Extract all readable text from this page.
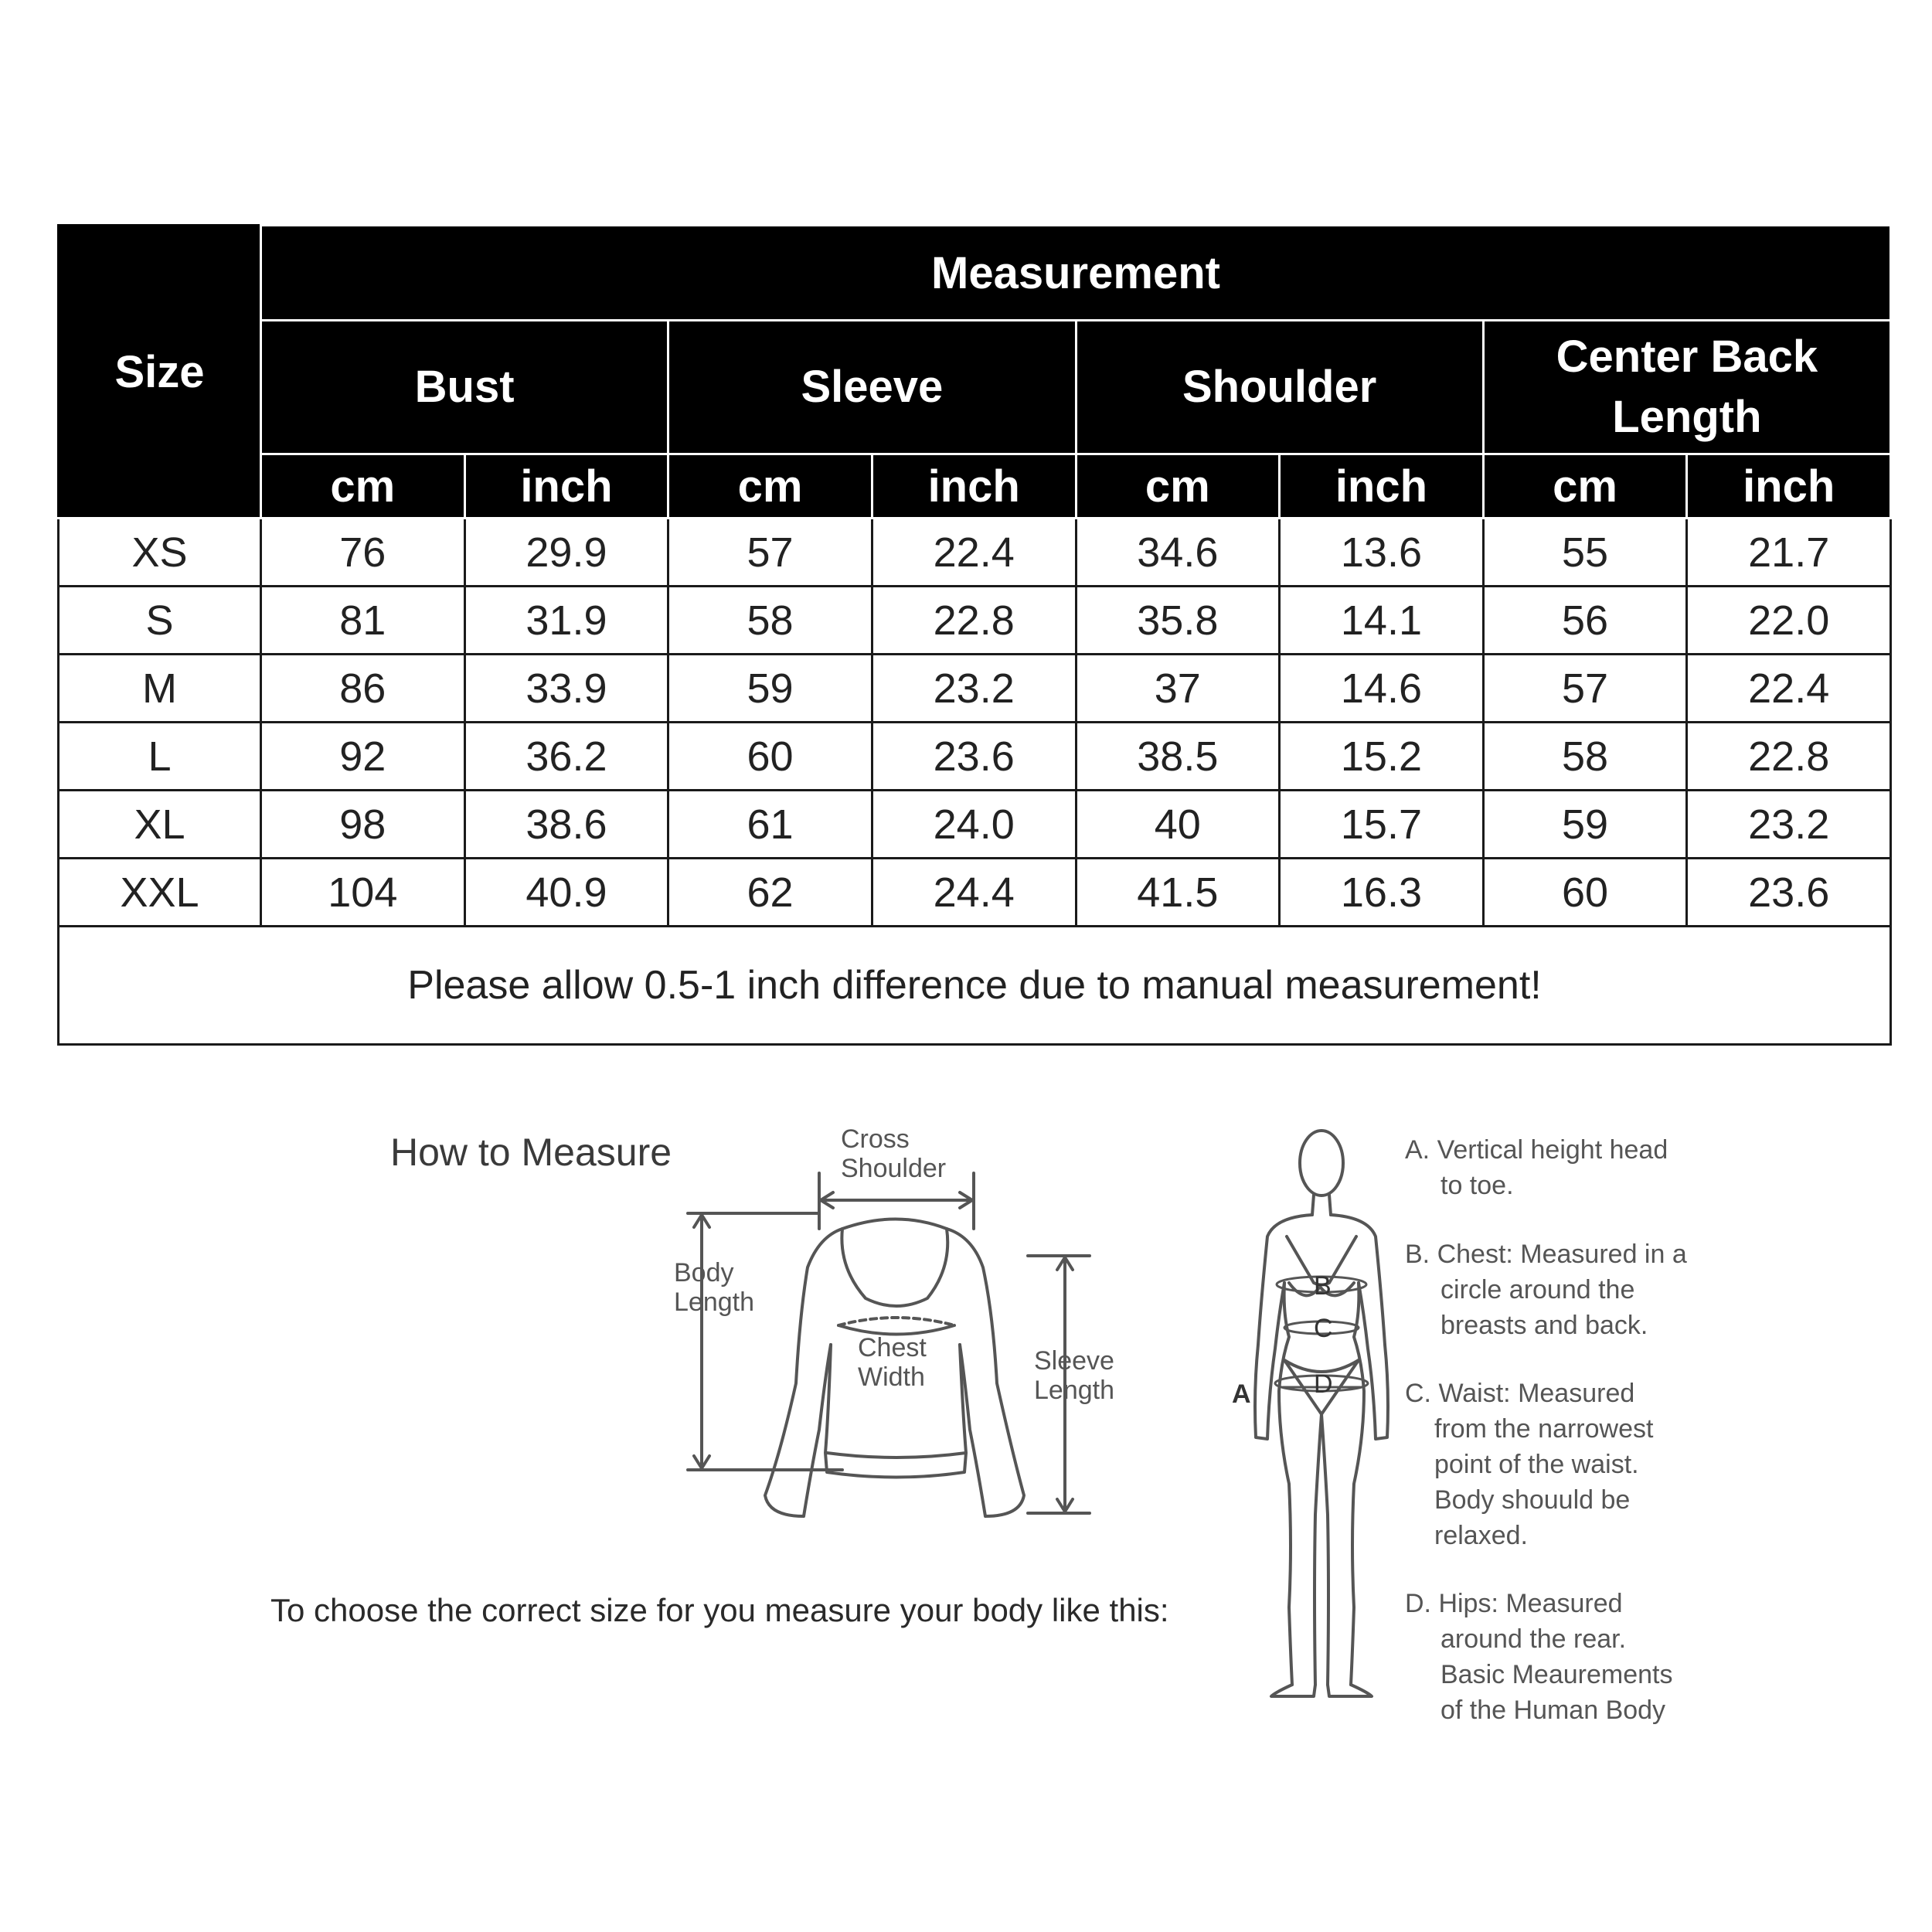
Size	Measurement							
	Bust		Sleeve		Shoulder		Center Back
Length	
	cm	inch	cm	inch	cm	inch	cm	inch
XS	76	29.9	57	22.4	34.6	13.6	55	21.7
S	81	31.9	58	22.8	35.8	14.1	56	22.0
M	86	33.9	59	23.2	37	14.6	57	22.4
L	92	36.2	60	23.6	38.5	15.2	58	22.8
XL	98	38.6	61	24.0	40	15.7	59	23.2
XXL	104	40.9	62	24.4	41.5	16.3	60	23.6
Please allow 0.5-1 inch difference due to manual measurement!								
How to Measure
To choose the correct size for you measure your body like this:
Cross
Shoulder
Body
Length
Chest
Width
Sleeve
Length	A
B
C
D
A. Vertical height head
to toe.
B. Chest: Measured in a
circle around the
breasts and back.
C. Waist: Measured
from the narrowest
point of the waist.
Body shouuld be
relaxed.
D. Hips: Measured
around the rear.
Basic Meaurements
of the Human Body
